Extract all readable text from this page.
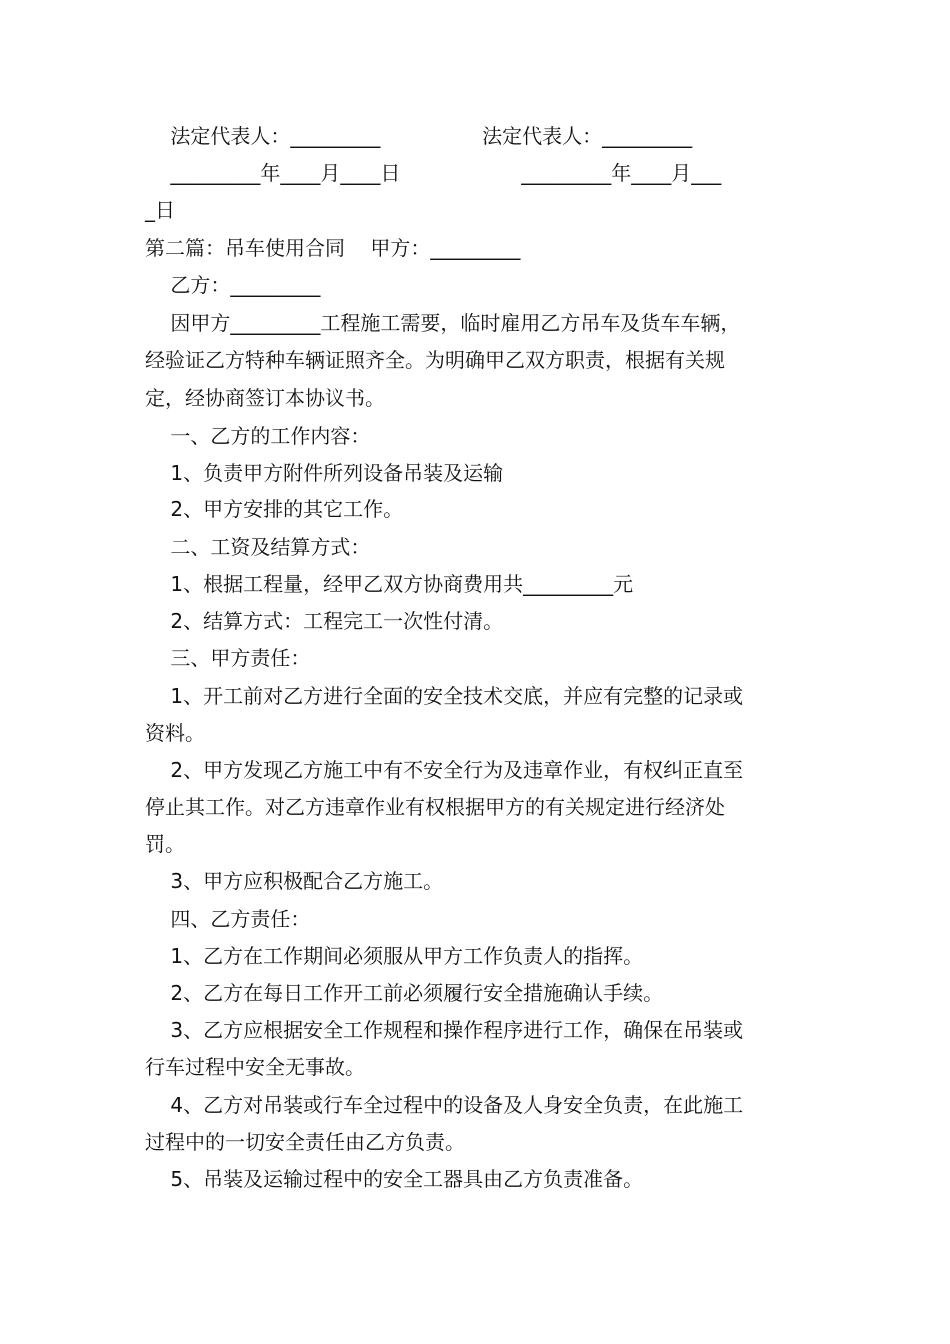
法定代表人：_________                法定代表人：_________
_________年____月____日                   _________年____月___
_日
第二篇：吊车使用合同    甲方：_________
乙方：_________
因甲方_________工程施工需要，临时雇用乙方吊车及货车车辆，
经验证乙方特种车辆证照齐全。为明确甲乙双方职责，根据有关规
定，经协商签订本协议书。
一、乙方的工作内容：
1、负责甲方附件所列设备吊装及运输
2、甲方安排的其它工作。
二、工资及结算方式：
1、根据工程量，经甲乙双方协商费用共_________元
2、结算方式：工程完工一次性付清。
三、甲方责任：
1、开工前对乙方进行全面的安全技术交底，并应有完整的记录或
资料。
2、甲方发现乙方施工中有不安全行为及违章作业，有权纠正直至
停止其工作。对乙方违章作业有权根据甲方的有关规定进行经济处
罚。
3、甲方应积极配合乙方施工。
四、乙方责任：
1、乙方在工作期间必须服从甲方工作负责人的指挥。
2、乙方在每日工作开工前必须履行安全措施确认手续。
3、乙方应根据安全工作规程和操作程序进行工作，确保在吊装或
行车过程中安全无事故。
4、乙方对吊装或行车全过程中的设备及人身安全负责，在此施工
过程中的一切安全责任由乙方负责。
5、吊装及运输过程中的安全工器具由乙方负责准备。
